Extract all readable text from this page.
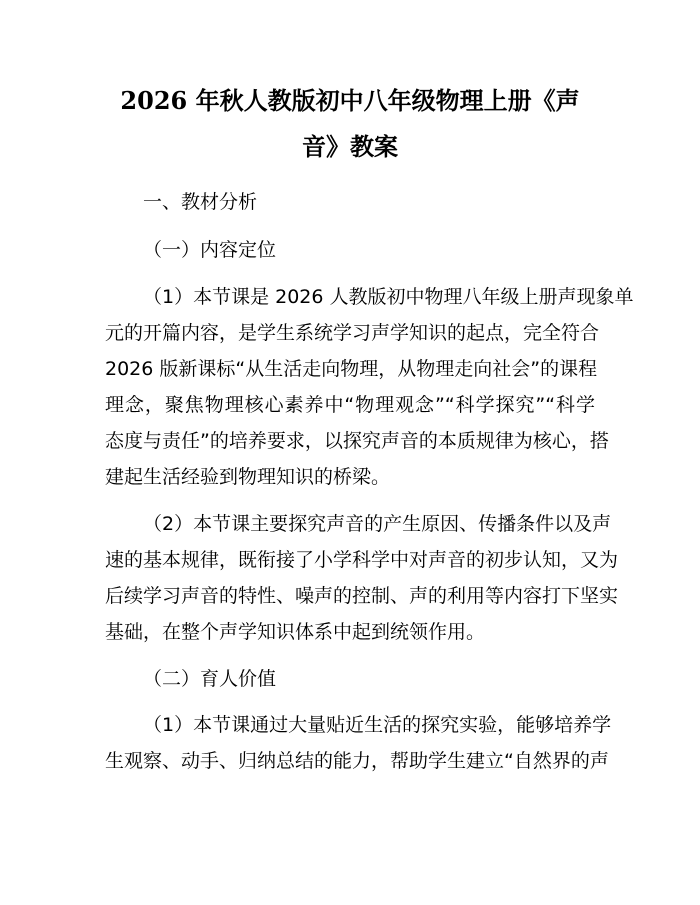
2026 年秋人教版初中八年级物理上册《声
音》教案
一、教材分析
（一）内容定位
（1）本节课是 2026 人教版初中物理八年级上册声现象单
元的开篇内容，是学生系统学习声学知识的起点，完全符合
2026 版新课标“从生活走向物理，从物理走向社会”的课程
理念，聚焦物理核心素养中“物理观念”“科学探究”“科学
态度与责任”的培养要求，以探究声音的本质规律为核心，搭
建起生活经验到物理知识的桥梁。
（2）本节课主要探究声音的产生原因、传播条件以及声
速的基本规律，既衔接了小学科学中对声音的初步认知，又为
后续学习声音的特性、噪声的控制、声的利用等内容打下坚实
基础，在整个声学知识体系中起到统领作用。
（二）育人价值
（1）本节课通过大量贴近生活的探究实验，能够培养学
生观察、动手、归纳总结的能力，帮助学生建立“自然界的声
